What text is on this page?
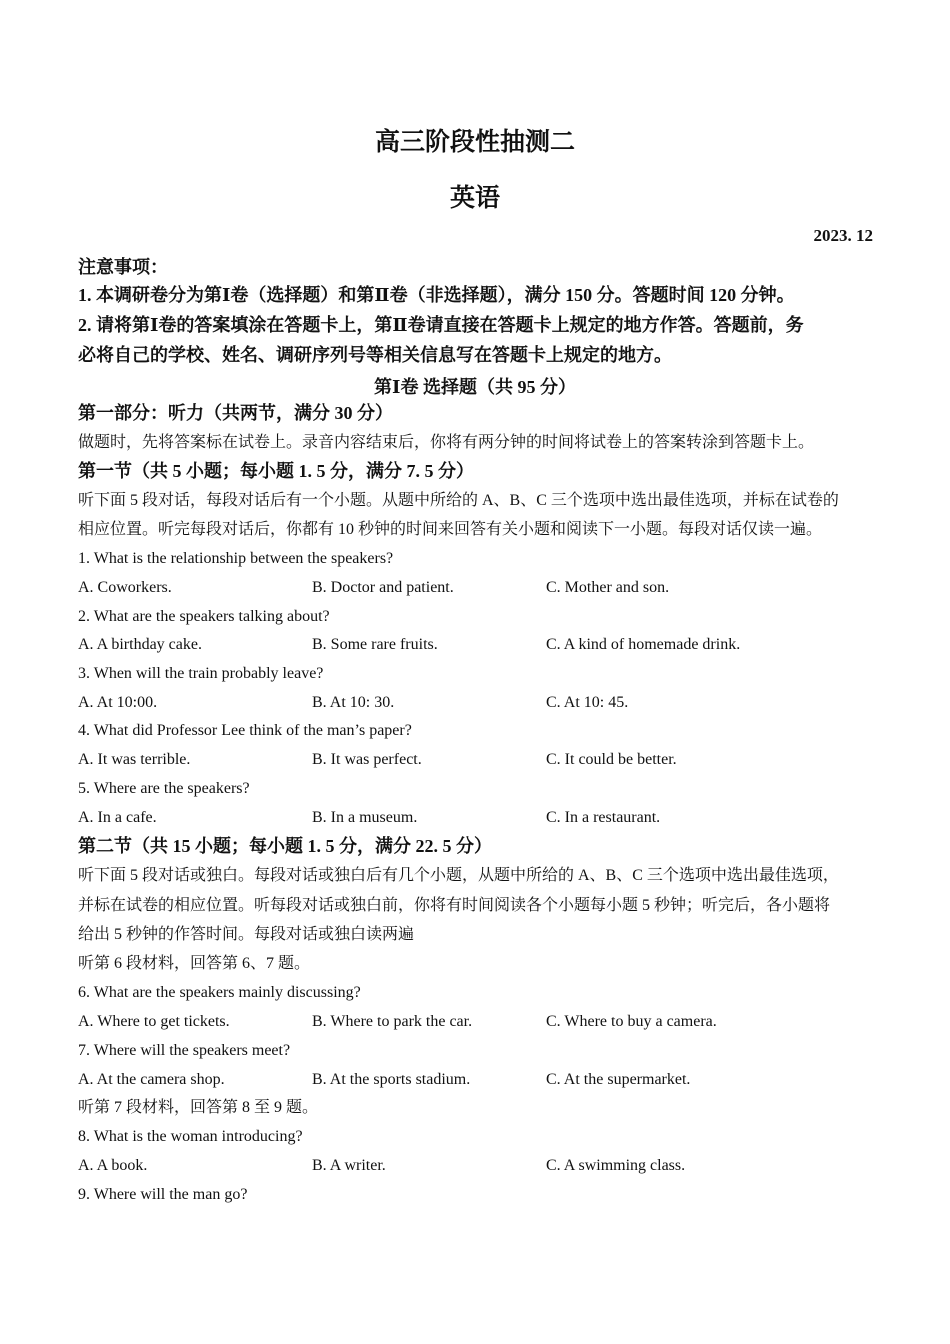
高三阶段性抽测二
英语
2023. 12
注意事项：
1. 本调研卷分为第Ⅰ卷（选择题）和第Ⅱ卷（非选择题），满分 150 分。答题时间 120 分钟。
2. 请将第Ⅰ卷的答案填涂在答题卡上，第Ⅱ卷请直接在答题卡上规定的地方作答。答题前，务
必将自己的学校、姓名、调研序列号等相关信息写在答题卡上规定的地方。
第Ⅰ卷 选择题（共 95 分）
第一部分：听力（共两节，满分 30 分）
做题时，先将答案标在试卷上。录音内容结束后，你将有两分钟的时间将试卷上的答案转涂到答题卡上。
第一节（共 5 小题；每小题 1. 5 分，满分 7. 5 分）
听下面 5 段对话，每段对话后有一个小题。从题中所给的 A、B、C 三个选项中选出最佳选项，并标在试卷的
相应位置。听完每段对话后，你都有 10 秒钟的时间来回答有关小题和阅读下一小题。每段对话仅读一遍。
1. What is the relationship between the speakers?
A. Coworkers.	B. Doctor and patient.	C. Mother and son.
2. What are the speakers talking about?
A. A birthday cake.	B. Some rare fruits.	C. A kind of homemade drink.
3. When will the train probably leave?
A. At 10:00.	B. At 10: 30.	C. At 10: 45.
4. What did Professor Lee think of the man’s paper?
A. It was terrible.	B. It was perfect.	C. It could be better.
5. Where are the speakers?
A. In a cafe.	B. In a museum.	C. In a restaurant.
第二节（共 15 小题；每小题 1. 5 分，满分 22. 5 分）
听下面 5 段对话或独白。每段对话或独白后有几个小题，从题中所给的 A、B、C 三个选项中选出最佳选项，
并标在试卷的相应位置。听每段对话或独白前，你将有时间阅读各个小题每小题 5 秒钟；听完后，各小题将
给出 5 秒钟的作答时间。每段对话或独白读两遍
听第 6 段材料，回答第 6、7 题。
6. What are the speakers mainly discussing?
A. Where to get tickets.	B. Where to park the car.	C. Where to buy a camera.
7. Where will the speakers meet?
A. At the camera shop.	B. At the sports stadium.	C. At the supermarket.
听第 7 段材料，回答第 8 至 9 题。
8. What is the woman introducing?
A. A book.	B. A writer.	C. A swimming class.
9. Where will the man go?
